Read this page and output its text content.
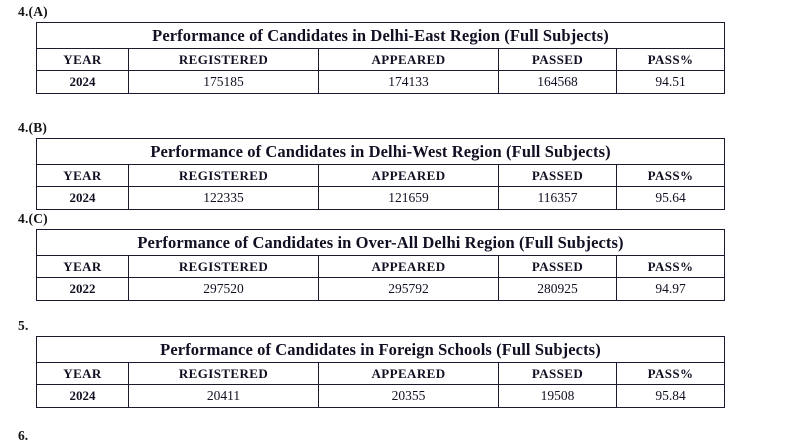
4.(A)
Performance of Candidates in Delhi-East Region (Full Subjects)				
YEAR	REGISTERED	APPEARED	PASSED	PASS%
2024	175185	174133	164568	94.51
4.(B)
Performance of Candidates in Delhi-West Region (Full Subjects)				
YEAR	REGISTERED	APPEARED	PASSED	PASS%
2024	122335	121659	116357	95.64
4.(C)
Performance of Candidates in Over-All Delhi Region (Full Subjects)				
YEAR	REGISTERED	APPEARED	PASSED	PASS%
2022	297520	295792	280925	94.97
5.
Performance of Candidates in Foreign Schools (Full Subjects)				
YEAR	REGISTERED	APPEARED	PASSED	PASS%
2024	20411	20355	19508	95.84
6.
